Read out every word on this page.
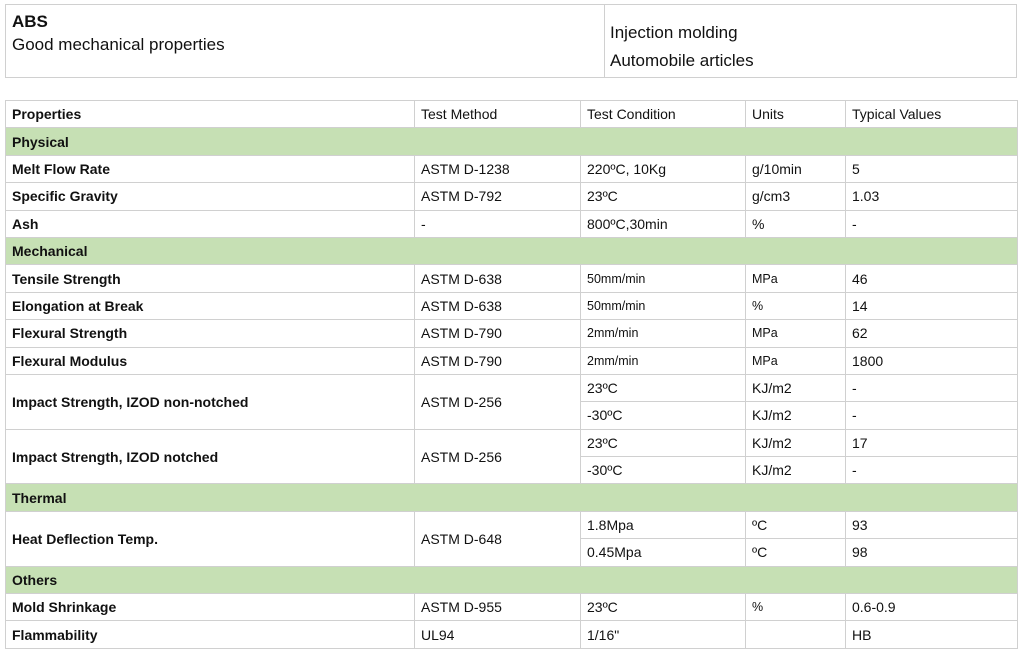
ABS
Good mechanical properties
Injection molding
Automobile articles
Properties	Test Method	Test Condition	Units	Typical Values
Physical				
Melt Flow Rate	ASTM D-1238	220ºC, 10Kg	g/10min	5
Specific Gravity	ASTM D-792	23ºC	g/cm3	1.03
Ash	-	800ºC,30min	%	-
Mechanical				
Tensile Strength	ASTM D-638	50mm/min	MPa	46
Elongation at Break	ASTM D-638	50mm/min	%	14
Flexural Strength	ASTM D-790	2mm/min	MPa	62
Flexural Modulus	ASTM D-790	2mm/min	MPa	1800
Impact Strength, IZOD non-notched	ASTM D-256	23ºC	KJ/m2	-
		-30ºC	KJ/m2	-
Impact Strength, IZOD notched	ASTM D-256	23ºC	KJ/m2	17
		-30ºC	KJ/m2	-
Thermal				
Heat Deflection Temp.	ASTM D-648	1.8Mpa	ºC	93
		0.45Mpa	ºC	98
Others				
Mold Shrinkage	ASTM D-955	23ºC	%	0.6-0.9
Flammability	UL94	1/16"		HB
